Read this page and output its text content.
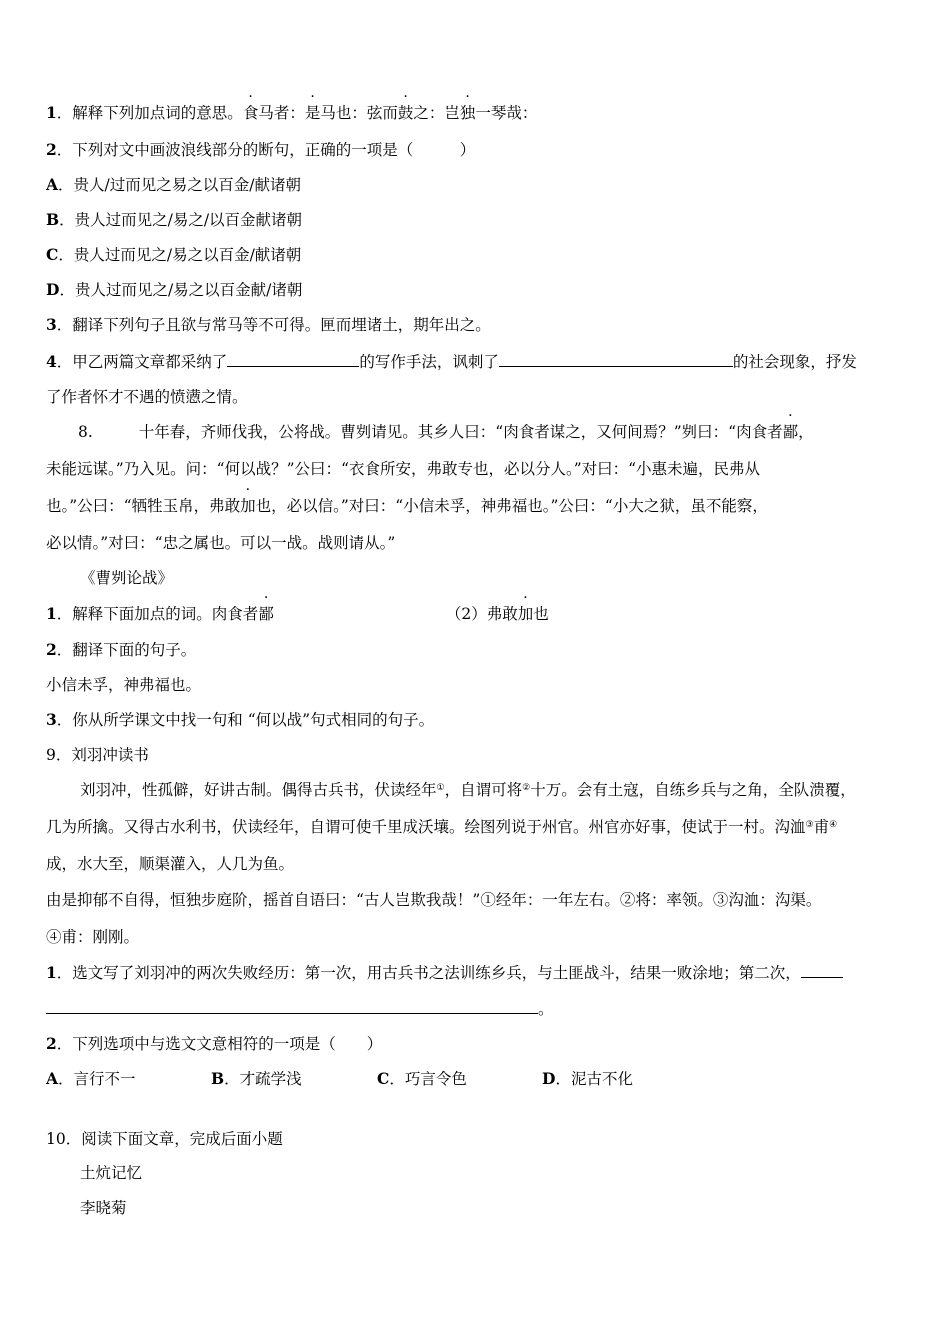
1．解释下列加点词的意思。食马者：是马也：弦而鼓之：岂独一琴哉：
2．下列对文中画波浪线部分的断句，正确的一项是（　　　）
A．贵人/过而见之易之以百金/献诸朝
B．贵人过而见之/易之/以百金献诸朝
C．贵人过而见之/易之以百金/献诸朝
D．贵人过而见之/易之以百金献/诸朝
3．翻译下列句子且欲与常马等不可得。匣而埋诸土，期年出之。
4．甲乙两篇文章都采纳了	的写作手法，讽刺了	的社会现象，抒发
了作者怀才不遇的愤懑之情。
8.	十年春，齐师伐我，公将战。曹刿请见。其乡人曰：“肉食者谋之，又何间焉？”刿曰：“肉食者鄙，
未能远谋。”乃入见。问：“何以战？”公曰：“衣食所安，弗敢专也，必以分人。”对曰：“小惠未遍，民弗从
也。”公曰：“牺牲玉帛，弗敢加也，必以信。”对曰：“小信未孚，神弗福也。”公曰：“小大之狱，虽不能察，
必以情。”对曰：“忠之属也。可以一战。战则请从。”
《曹刿论战》
1．解释下面加点的词。肉食者鄙	（2）弗敢加也
2．翻译下面的句子。
小信未孚，神弗福也。
3．你从所学课文中找一句和 “何以战”句式相同的句子。
9．刘羽冲读书
刘羽冲，性孤僻，好讲古制。偶得古兵书，伏读经年①，自谓可将②十万。会有土寇，自练乡兵与之角，全队溃覆，
几为所擒。又得古水利书，伏读经年，自谓可使千里成沃壤。绘图列说于州官。州官亦好事，使试于一村。沟洫③甫④
成，水大至，顺渠灌入，人几为鱼。
由是抑郁不自得，恒独步庭阶，摇首自语曰：“古人岂欺我哉！”①经年：一年左右。②将：率领。③沟洫：沟渠。
④甫：刚刚。
1．选文写了刘羽冲的两次失败经历：第一次，用古兵书之法训练乡兵，与土匪战斗，结果一败涂地；第二次，
。
2．下列选项中与选文文意相符的一项是（　　）
A．言行不一	B．才疏学浅	C．巧言令色	D．泥古不化
10．阅读下面文章，完成后面小题
土炕记忆
李晓菊
